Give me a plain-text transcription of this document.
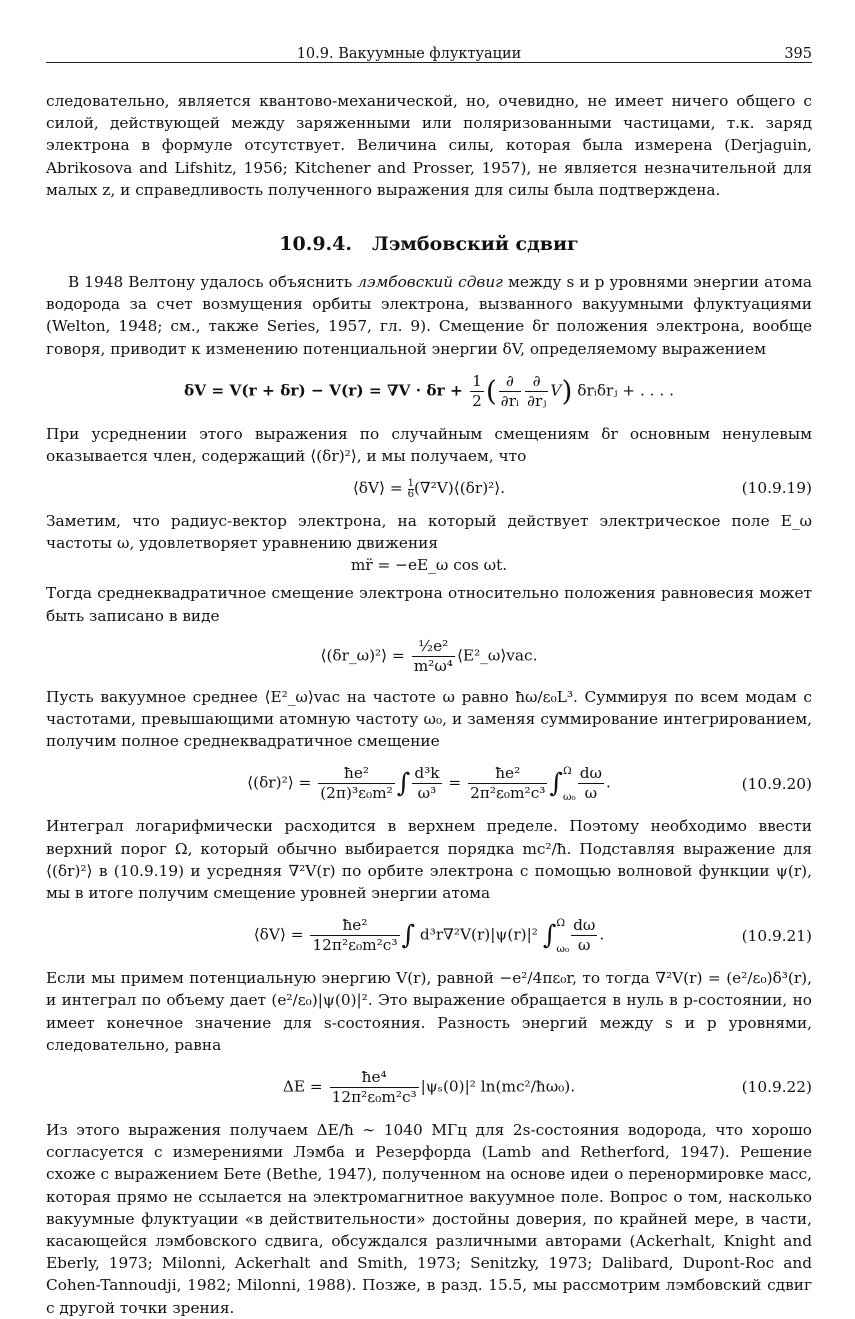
10.9. Вакуумные флуктуации	395

следовательно, является квантово-механической, но, очевидно, не имеет ничего общего с силой, действующей между заряженными или поляризованными частицами, т.к. заряд электрона в формуле отсутствует. Величина силы, которая была измерена (Derjaguin, Abrikosova and Lifshitz, 1956; Kitchener and Prosser, 1957), не является незначительной для малых z, и справедливость полученного выражения для силы была подтверждена.

10.9.4. Лэмбовский сдвиг

В 1948 Велтону удалось объяснить лэмбовский сдвиг между s и p уровнями энергии атома водорода за счет возмущения орбиты электрона, вызванного вакуумными флуктуациями (Welton, 1948; см., также Series, 1957, гл. 9). Смещение δr положения электрона, вообще говоря, приводит к изменению потенциальной энергии δV, определяемому выражением

$\delta V = V(r + \delta r) - V(r) = \nabla V \cdot \delta r + \frac{1}{2}$ ( $\frac{\partial}{\text{∂rᵢ}} \frac{\partial}{\text{∂rⱼ}} V$) δrᵢδrⱼ + . . . .

При усреднении этого выражения по случайным смещениям δr основным ненулевым оказывается член, содержащий ⟨(δr)²⟩, и мы получаем, что

⟨δV⟩ = $\frac{1}{6}$ (∇²V)⟨(δr)²⟩.	(10.9.19)

Заметим, что радиус-вектор электрона, на который действует электрическое поле E_ω частоты ω, удовлетворяет уравнению движения

mr̈ = −eE_ω cos ωt.

Тогда среднеквадратичное смещение электрона относительно положения равновесия может быть записано в виде

⟨(δr_ω)²⟩ = $\frac{\text{½e²}}{\text{m²ω⁴}}$ ⟨E²_ω⟩vac.

Пусть вакуумное среднее ⟨E²_ω⟩vac на частоте ω равно ħω/ε₀L³. Суммируя по всем модам с частотами, превышающими атомную частоту ω₀, и заменяя суммирование интегрированием, получим полное среднеквадратичное смещение

⟨(δr)²⟩ = $\frac{\text{ħe²}}{\text{(2π)³ε₀m²}}$ ∫ $\frac{\text{d³k}}{\text{ω³}} = \frac{\text{ħe²}}{\text{2π²ε₀m²c³}}$ ∫ Ω
$\omega_0 \frac{d\omega}{\omega}$ .	(10.9.20)

Интеграл логарифмически расходится в верхнем пределе. Поэтому необходимо ввести верхний порог Ω, который обычно выбирается порядка mc²/ħ. Подставляя выражение для ⟨(δr)²⟩ в (10.9.19) и усредняя ∇²V(r) по орбите электрона с помощью волновой функции ψ(r), мы в итоге получим смещение уровней энергии атома

⟨δV⟩ = $\frac{\text{ħe²}}{\text{12π²ε₀m²c³}}$ ∫ d³r∇²V(r)|ψ(r)|² ∫ Ω
$\omega_0 \frac{d\omega}{\omega}$ .	(10.9.21)

Если мы примем потенциальную энергию V(r), равной −e²/4πε₀r, то тогда ∇²V(r) = (e²/ε₀)δ³(r), и интеграл по объему дает (e²/ε₀)|ψ(0)|². Это выражение обращается в нуль в p-состоянии, но имеет конечное значение для s-состояния. Разность энергий между s и p уровнями, следовательно, равна

$\Delta E = \frac{\text{ħe⁴}}{\text{12π²ε₀m²c³}} |\psi_s(0)|^2$ ln(mc²/ħω₀).	(10.9.22)

Из этого выражения получаем ΔE/ħ ∼ 1040 МГц для 2s-состояния водорода, что хорошо согласуется с измерениями Лэмба и Резерфорда (Lamb and Retherford, 1947). Решение схоже с выражением Бете (Bethe, 1947), полученном на основе идеи о перенормировке масс, которая прямо не ссылается на электромагнитное вакуумное поле. Вопрос о том, насколько вакуумные флуктуации «в действительности» достойны доверия, по крайней мере, в части, касающейся лэмбовского сдвига, обсуждался различными авторами (Ackerhalt, Knight and Eberly, 1973; Milonni, Ackerhalt and Smith, 1973; Senitzky, 1973; Dalibard, Dupont-Roc and Cohen-Tannoudji, 1982; Milonni, 1988). Позже, в разд. 15.5, мы рассмотрим лэмбовский сдвиг с другой точки зрения.
